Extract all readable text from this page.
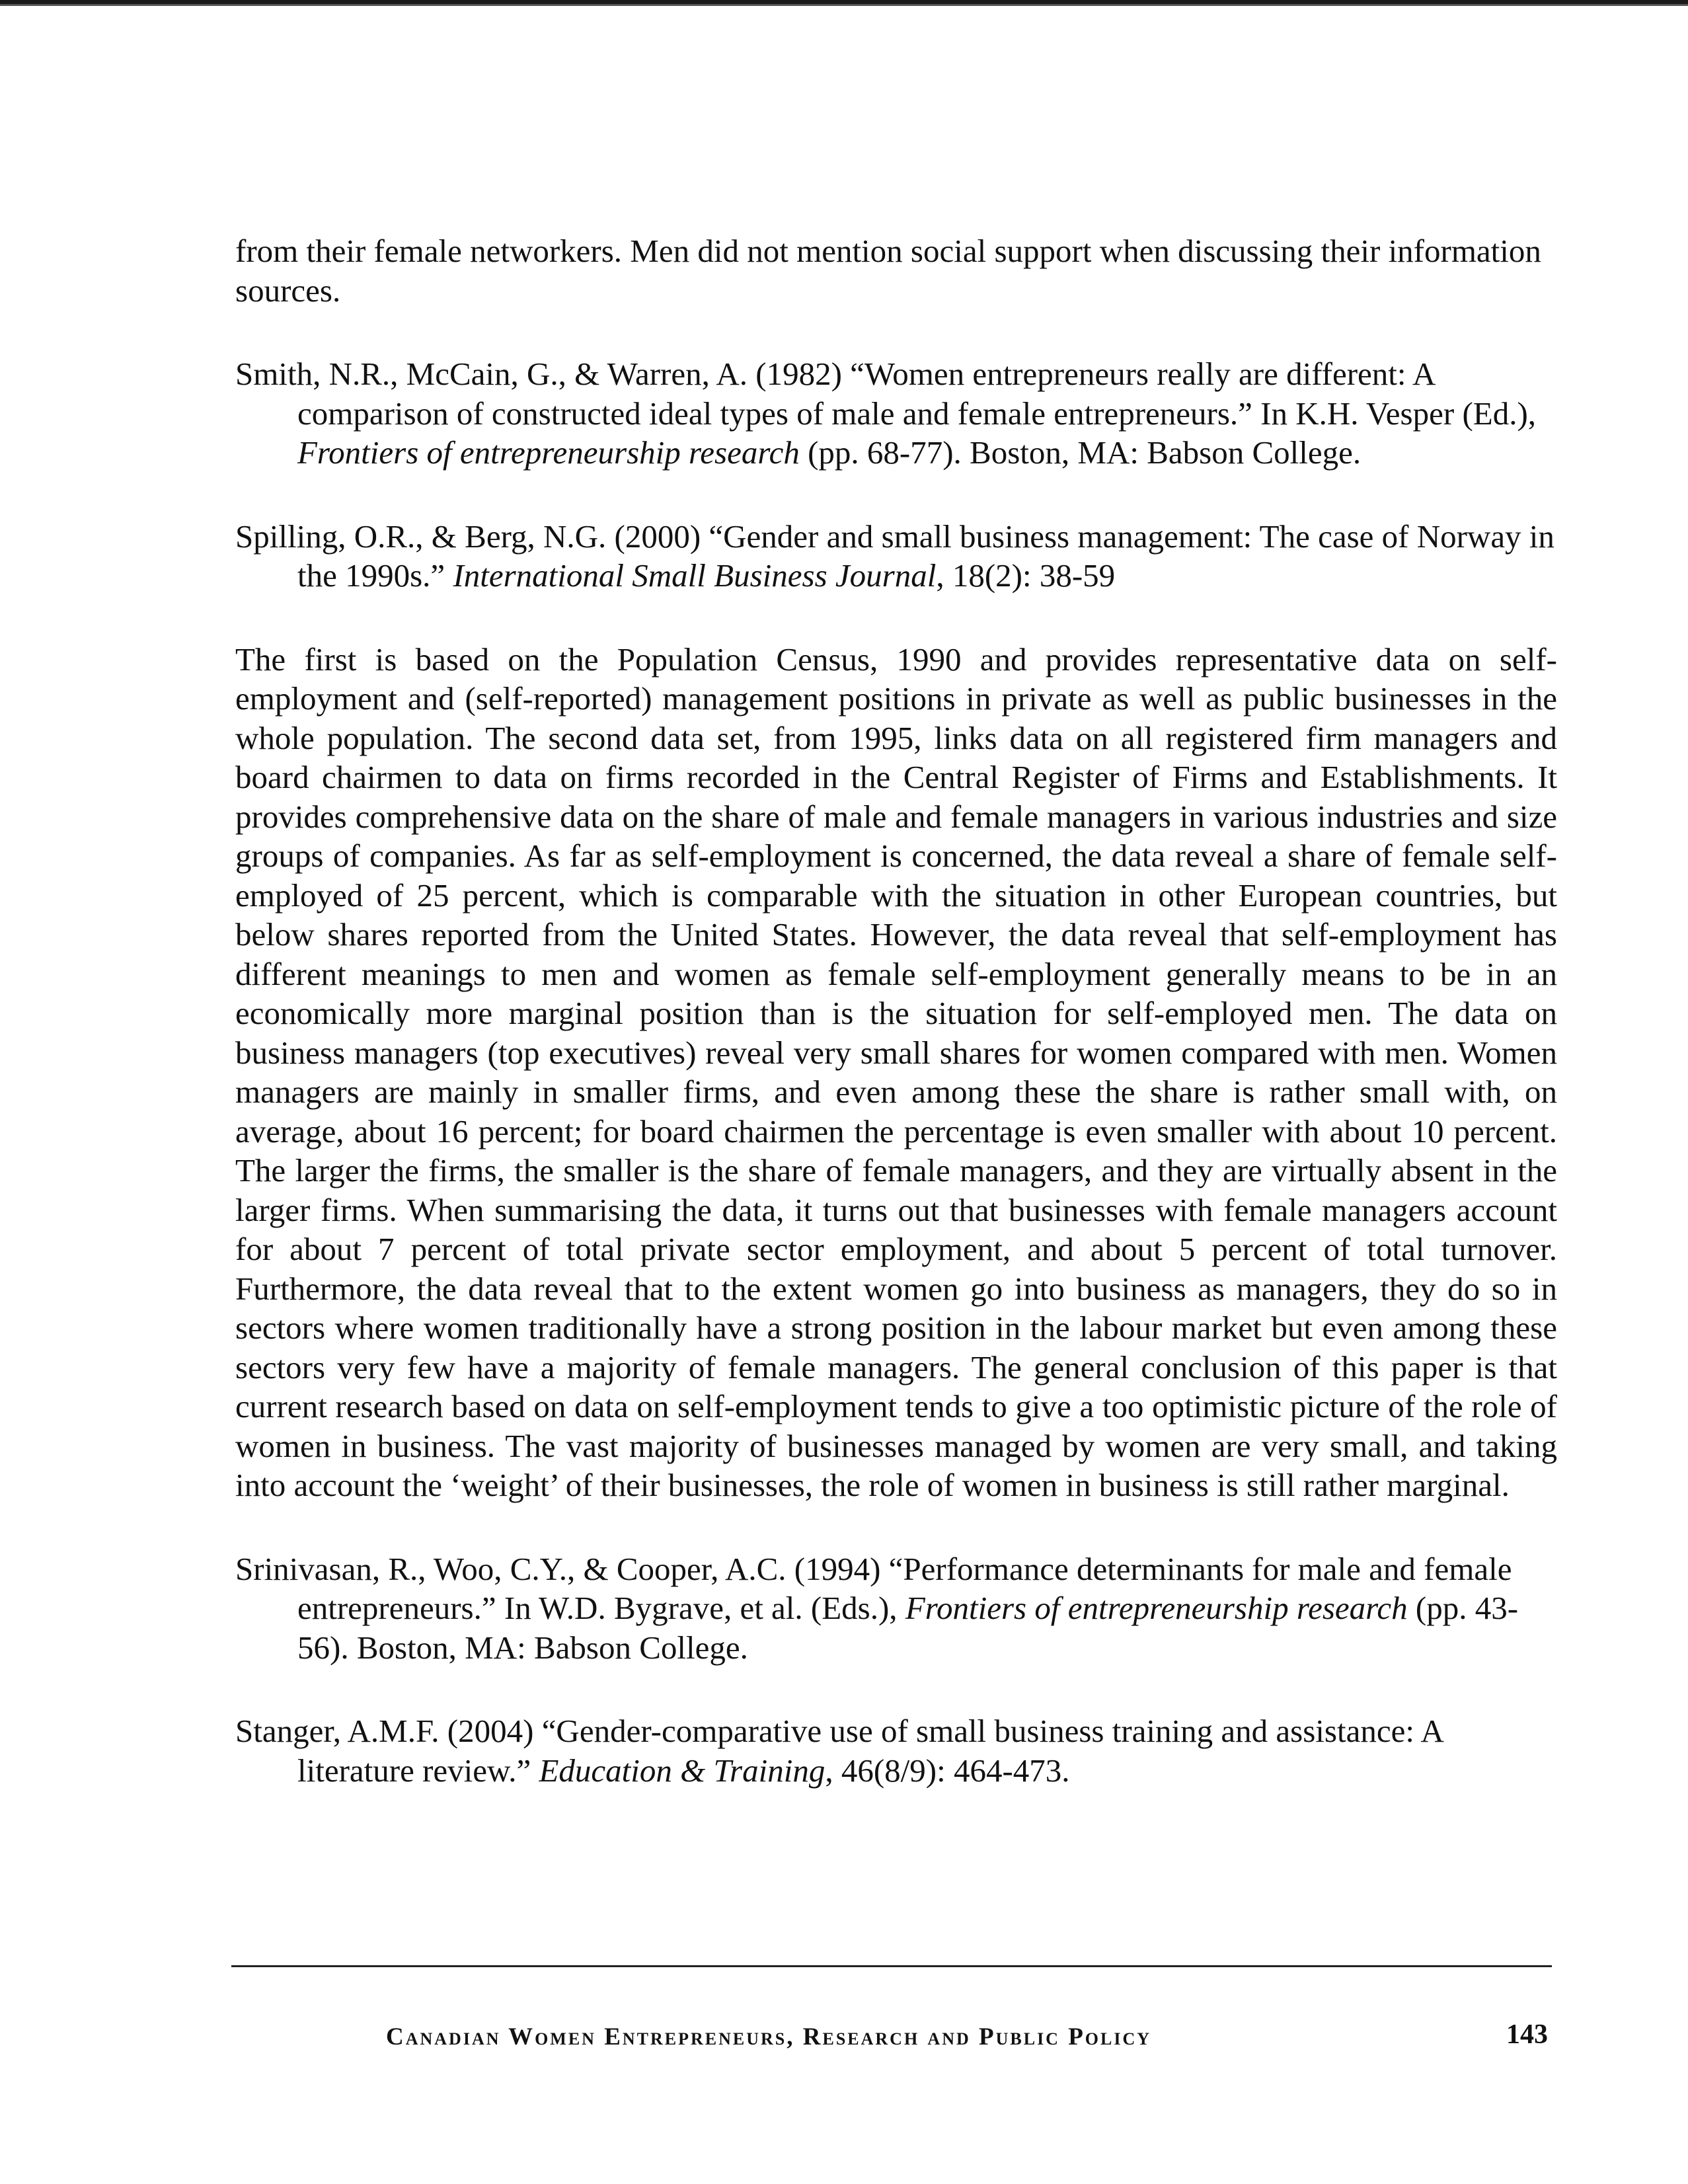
from their female networkers. Men did not mention social support when discussing their information sources.

Smith, N.R., McCain, G., & Warren, A. (1982) “Women entrepreneurs really are different: A comparison of constructed ideal types of male and female entrepreneurs.” In K.H. Vesper (Ed.), Frontiers of entrepreneurship research (pp. 68-77). Boston, MA: Babson College.

Spilling, O.R., & Berg, N.G. (2000) “Gender and small business management: The case of Norway in the 1990s.” International Small Business Journal, 18(2): 38-59

The first is based on the Population Census, 1990 and provides representative data on self-employment and (self-reported) management positions in private as well as public businesses in the whole population. The second data set, from 1995, links data on all registered firm managers and board chairmen to data on firms recorded in the Central Register of Firms and Establishments. It provides comprehensive data on the share of male and female managers in various industries and size groups of companies. As far as self-employment is concerned, the data reveal a share of female self-employed of 25 percent, which is comparable with the situation in other European countries, but below shares reported from the United States. However, the data reveal that self-employment has different meanings to men and women as female self-employment generally means to be in an economically more marginal position than is the situation for self-employed men. The data on business managers (top executives) reveal very small shares for women compared with men. Women managers are mainly in smaller firms, and even among these the share is rather small with, on average, about 16 percent; for board chairmen the percentage is even smaller with about 10 percent. The larger the firms, the smaller is the share of female managers, and they are virtually absent in the larger firms. When summarising the data, it turns out that businesses with female managers account for about 7 percent of total private sector employment, and about 5 percent of total turnover. Furthermore, the data reveal that to the extent women go into business as managers, they do so in sectors where women traditionally have a strong position in the labour market but even among these sectors very few have a majority of female managers. The general conclusion of this paper is that current research based on data on self-employment tends to give a too optimistic picture of the role of women in business. The vast majority of businesses managed by women are very small, and taking into account the ‘weight’ of their businesses, the role of women in business is still rather marginal.

Srinivasan, R., Woo, C.Y., & Cooper, A.C. (1994) “Performance determinants for male and female entrepreneurs.” In W.D. Bygrave, et al. (Eds.), Frontiers of entrepreneurship research (pp. 43-56). Boston, MA: Babson College.

Stanger, A.M.F. (2004) “Gender-comparative use of small business training and assistance: A literature review.” Education & Training, 46(8/9): 464-473.

Canadian Women Entrepreneurs, Research and Public Policy	143
